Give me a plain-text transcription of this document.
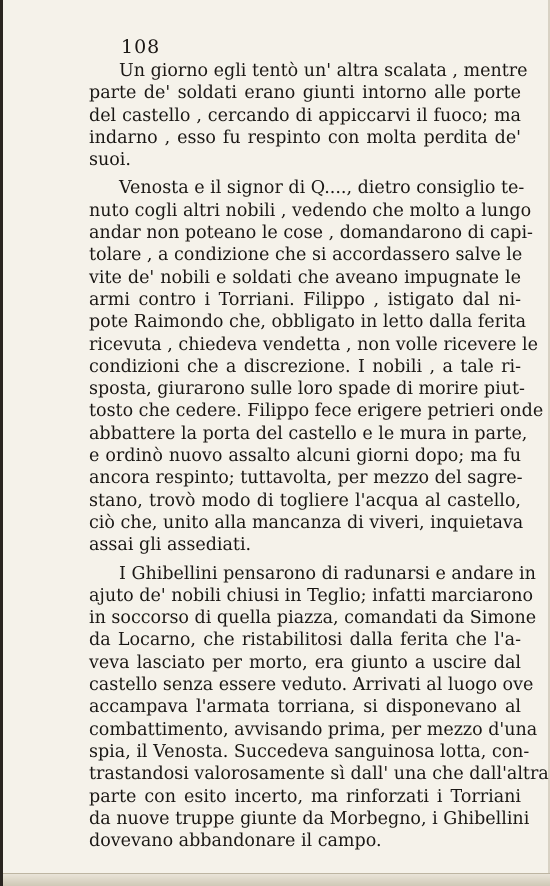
108
Un giorno egli tentò un' altra scalata , mentre
parte de' soldati erano giunti intorno alle porte
del castello , cercando di appiccarvi il fuoco; ma
indarno , esso fu respinto con molta perdita de'
suoi.
Venosta e il signor di Q...., dietro consiglio te-
nuto cogli altri nobili , vedendo che molto a lungo
andar non poteano le cose , domandarono di capi-
tolare , a condizione che si accordassero salve le
vite de' nobili e soldati che aveano impugnate le
armi contro i Torriani. Filippo , istigato dal ni-
pote Raimondo che, obbligato in letto dalla ferita
ricevuta , chiedeva vendetta , non volle ricevere le
condizioni che a discrezione. I nobili , a tale ri-
sposta, giurarono sulle loro spade di morire piut-
tosto che cedere. Filippo fece erigere petrieri onde
abbattere la porta del castello e le mura in parte,
e ordinò nuovo assalto alcuni giorni dopo; ma fu
ancora respinto; tuttavolta, per mezzo del sagre-
stano, trovò modo di togliere l'acqua al castello,
ciò che, unito alla mancanza di viveri, inquietava
assai gli assediati.
I Ghibellini pensarono di radunarsi e andare in
ajuto de' nobili chiusi in Teglio; infatti marciarono
in soccorso di quella piazza, comandati da Simone
da Locarno, che ristabilitosi dalla ferita che l'a-
veva lasciato per morto, era giunto a uscire dal
castello senza essere veduto. Arrivati al luogo ove
accampava l'armata torriana, si disponevano al
combattimento, avvisando prima, per mezzo d'una
spia, il Venosta. Succedeva sanguinosa lotta, con-
trastandosi valorosamente sì dall' una che dall'altra
parte con esito incerto, ma rinforzati i Torriani
da nuove truppe giunte da Morbegno, i Ghibellini
dovevano abbandonare il campo.
